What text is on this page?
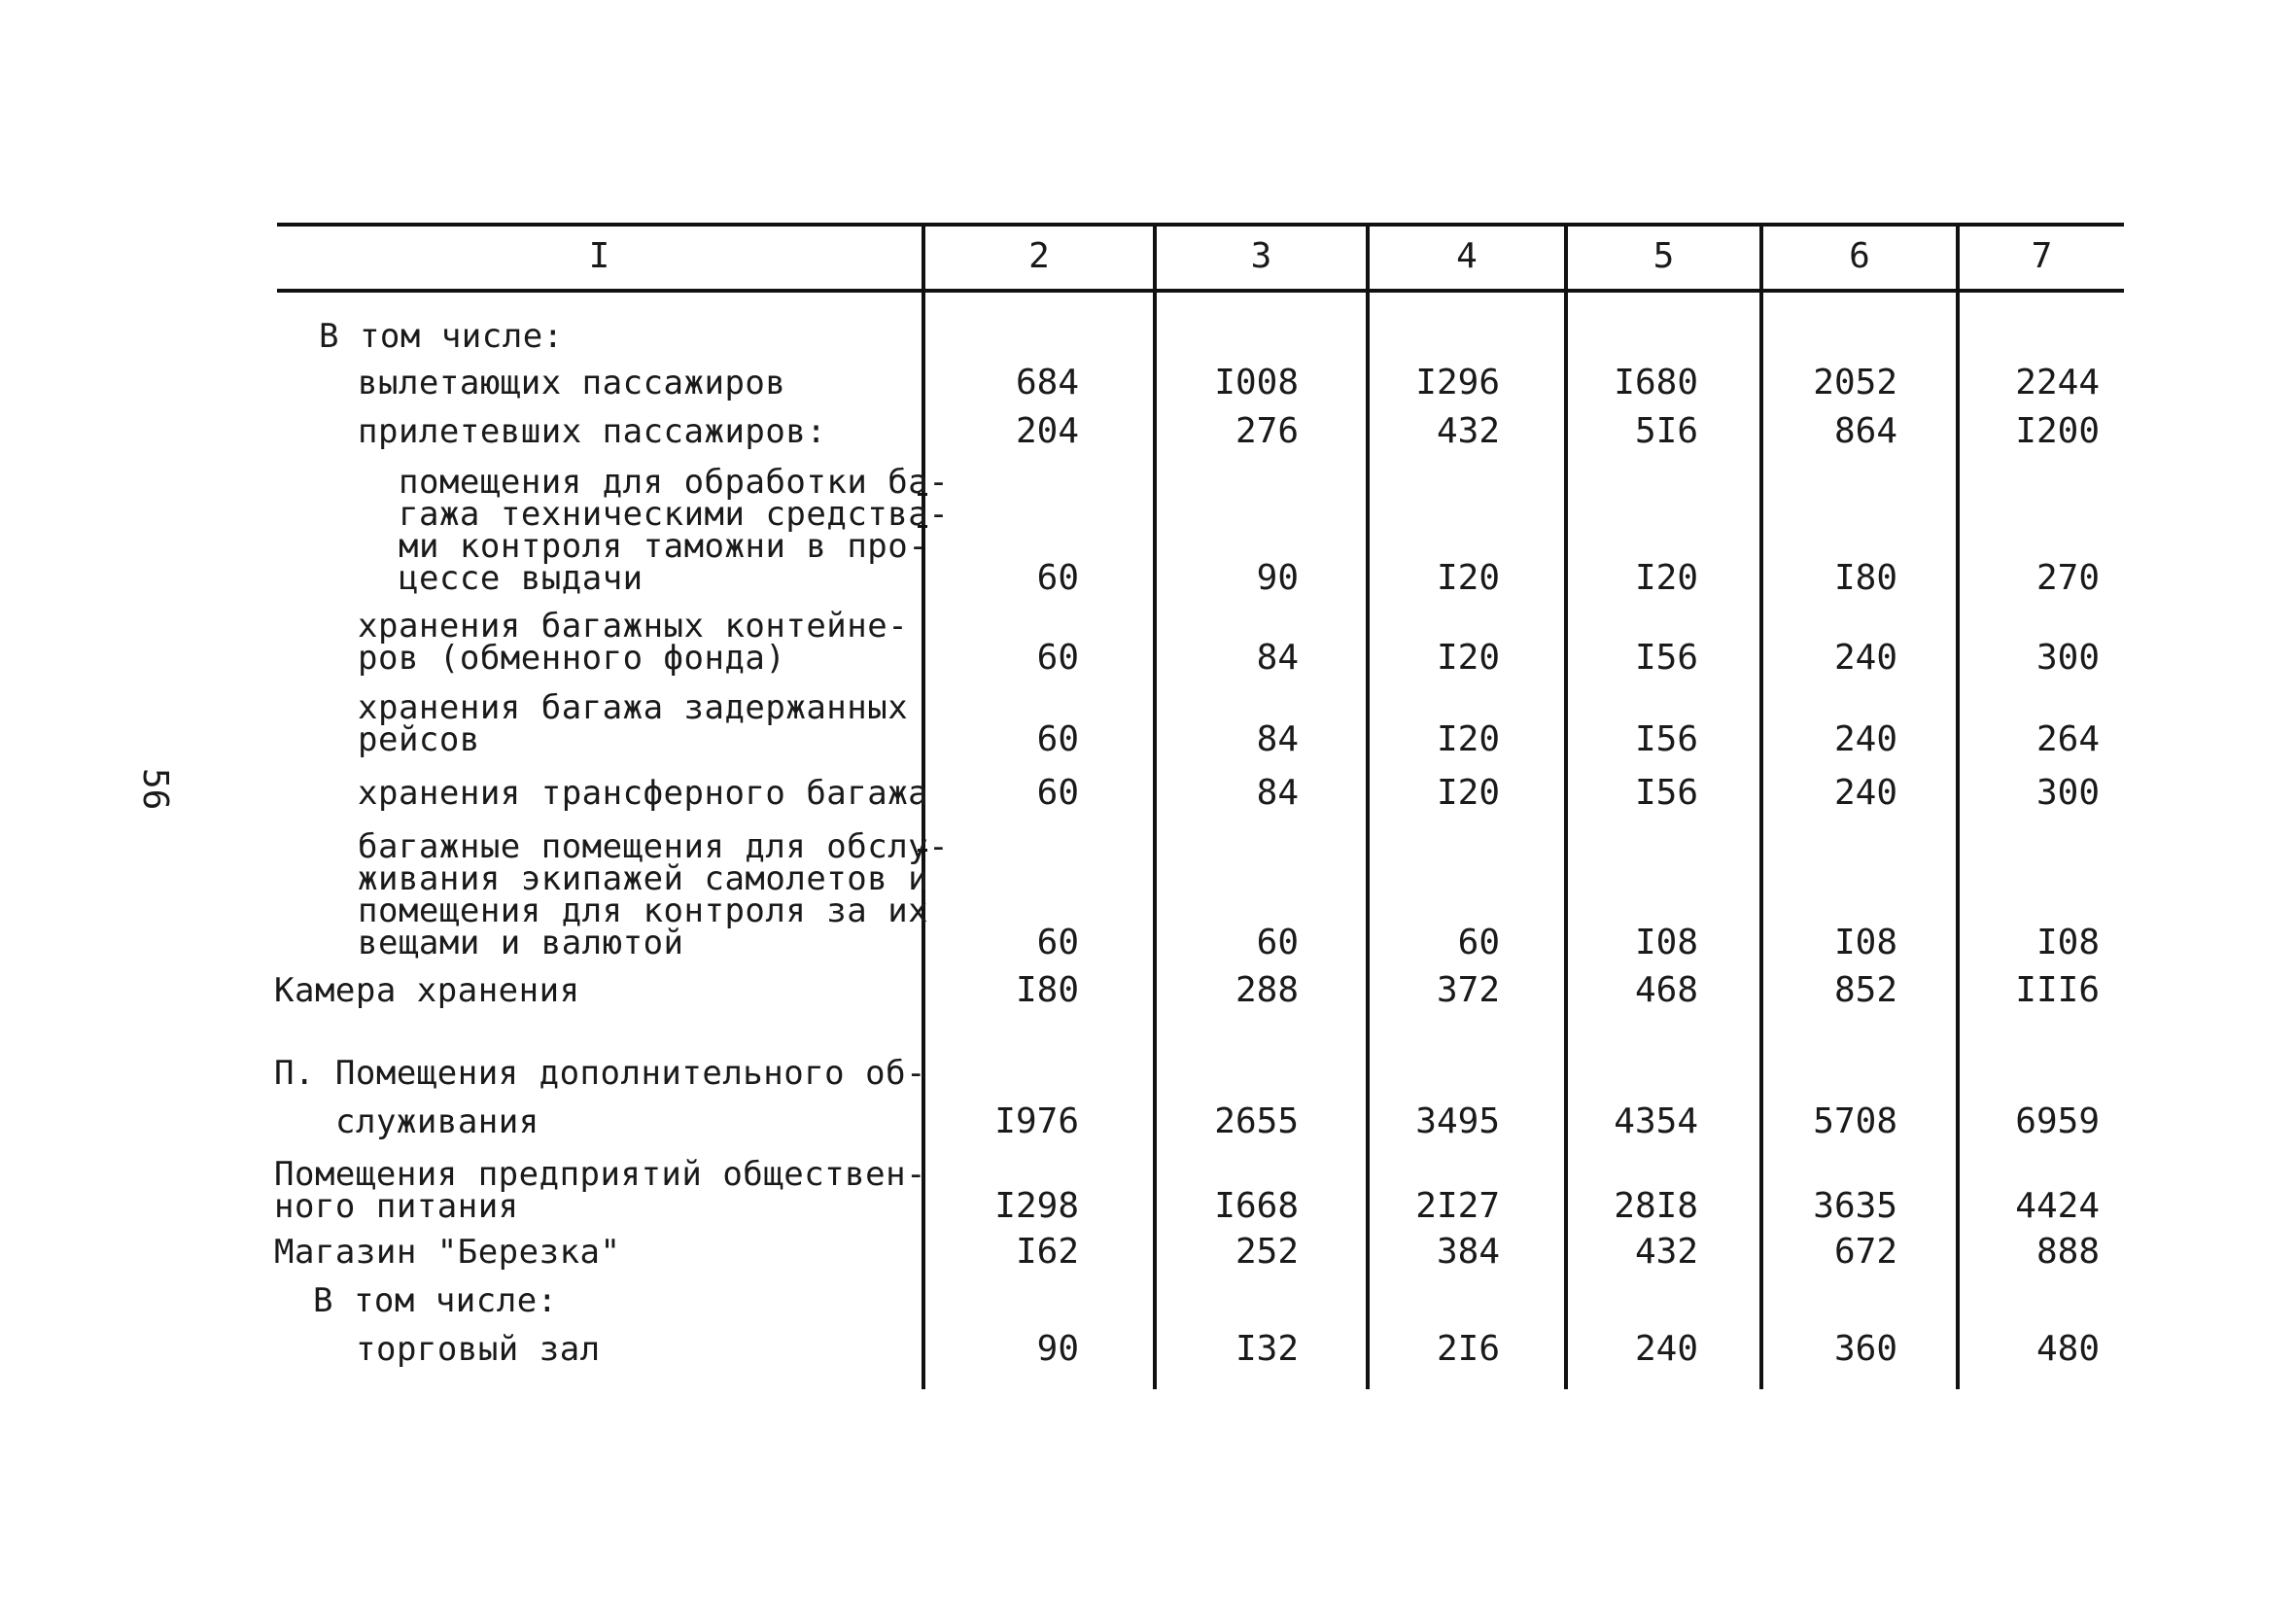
56
I	2	3	4	5	6	7
В том числе:
вылетающих пассажиров	684	I008	I296	I680	2052	2244
прилетевших пассажиров:	204	276	432	5I6	864	I200
помещения для обработки ба-
гажа техническими средства-
ми контроля таможни в про-
цессе выдачи	60	90	I20	I20	I80	270
хранения багажных контейне-
ров (обменного фонда)	60	84	I20	I56	240	300
хранения багажа задержанных
рейсов	60	84	I20	I56	240	264
хранения трансферного багажа	60	84	I20	I56	240	300
багажные помещения для обслу-
живания экипажей самолетов и
помещения для контроля за их
вещами и валютой	60	60	60	I08	I08	I08
Камера хранения	I80	288	372	468	852	III6
П. Помещения дополнительного об-
служивания	I976	2655	3495	4354	5708	6959
Помещения предприятий обществен-
ного питания	I298	I668	2I27	28I8	3635	4424
Магазин "Березка"	I62	252	384	432	672	888
В том числе:
торговый зал	90	I32	2I6	240	360	480
